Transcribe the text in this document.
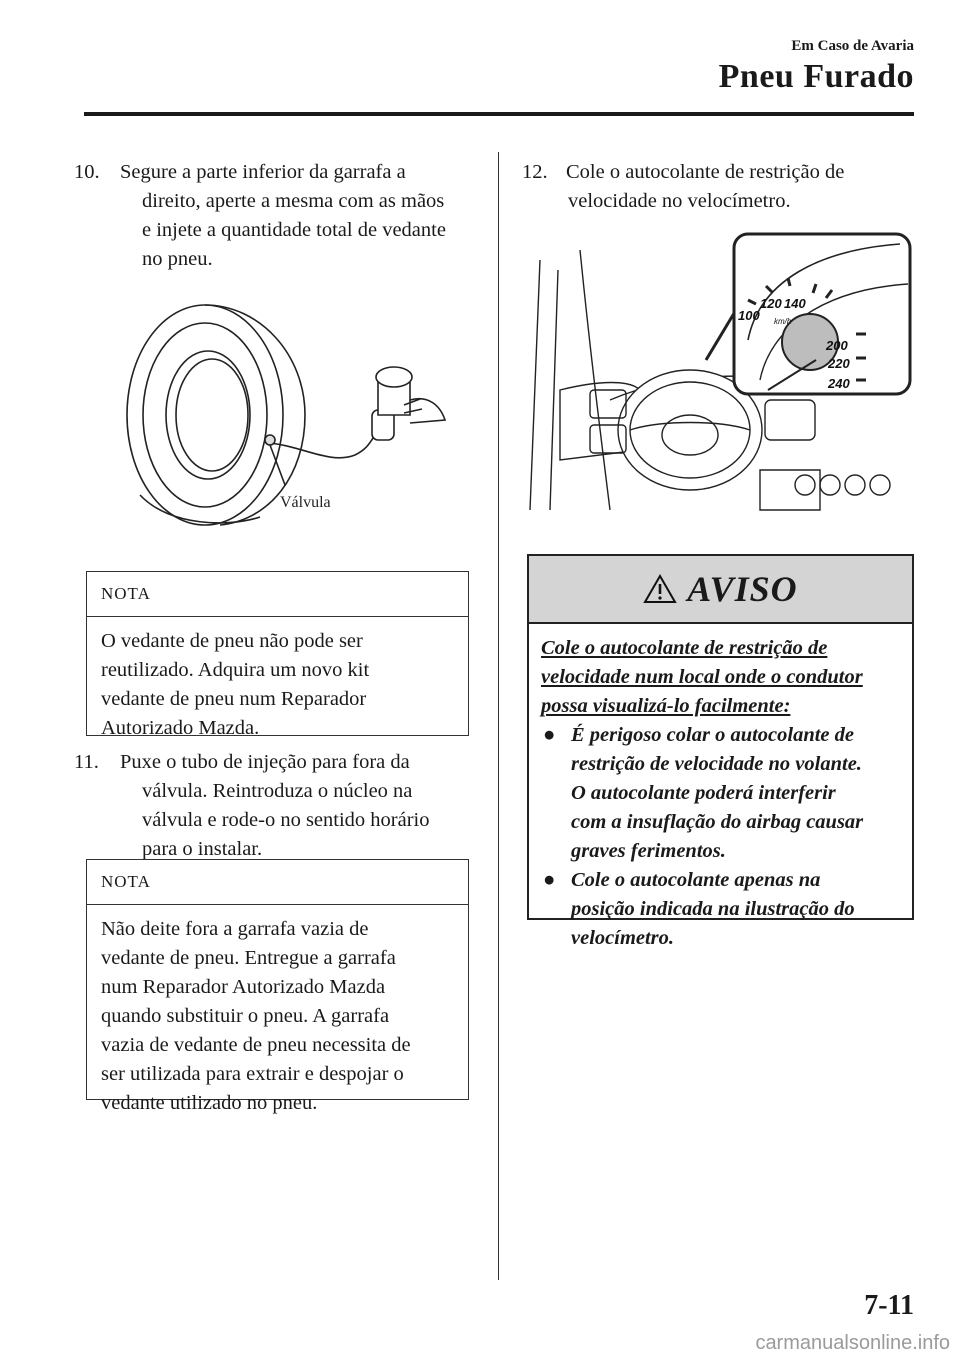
Em Caso de Avaria
Pneu Furado
10. Segure a parte inferior da garrafa a
direito, aperte a mesma com as mãos
e injete a quantidade total de vedante
no pneu.
Válvula
NOTA
O vedante de pneu não pode ser
reutilizado. Adquira um novo kit
vedante de pneu num Reparador
Autorizado Mazda.
11. Puxe o tubo de injeção para fora da
válvula. Reintroduza o núcleo na
válvula e rode-o no sentido horário
para o instalar.
NOTA
Não deite fora a garrafa vazia de
vedante de pneu. Entregue a garrafa
num Reparador Autorizado Mazda
quando substituir o pneu. A garrafa
vazia de vedante de pneu necessita de
ser utilizada para extrair e despojar o
vedante utilizado no pneu.
12. Cole o autocolante de restrição de
velocidade no velocímetro.
100
120 140
200
220
240
km/h
AVISO
Cole o autocolante de restrição de
velocidade num local onde o condutor
possa visualizá-lo facilmente:
● É perigoso colar o autocolante de
restrição de velocidade no volante.
O autocolante poderá interferir
com a insuflação do airbag causar
graves ferimentos.
● Cole o autocolante apenas na
posição indicada na ilustração do
velocímetro.
7-11
carmanualsonline.info
